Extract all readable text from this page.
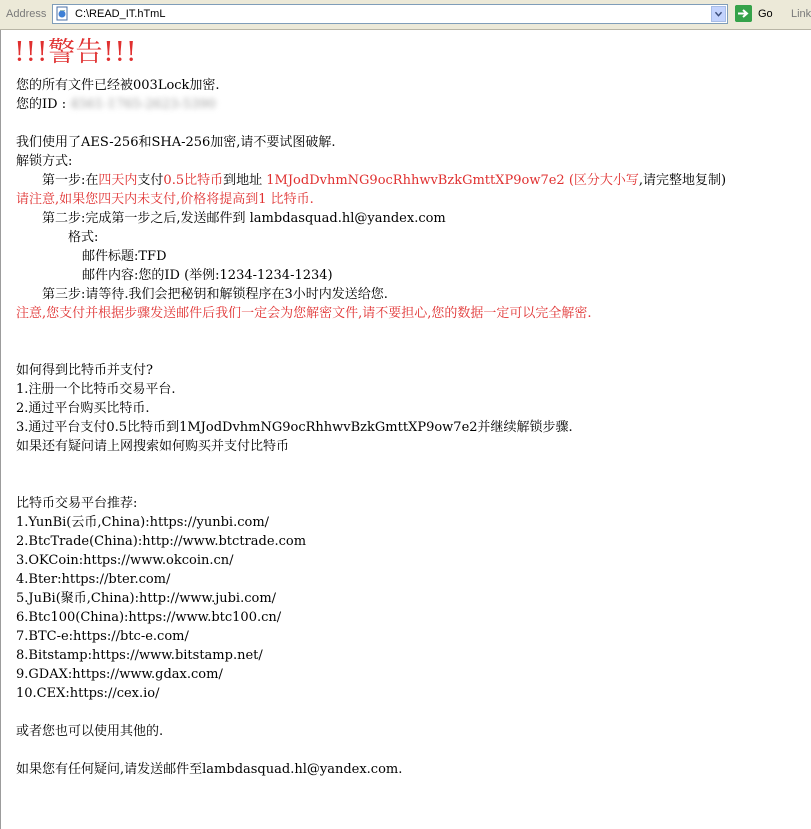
Address	C:\READ_IT.hTmL	Go Link
!!!警告!!!
您的所有文件已经被003Lock加密.
您的ID : 4561-1765-2623-5390
我们使用了AES-256和SHA-256加密,请不要试图破解.
解锁方式:
第一步:在四天内支付0.5比特币到地址 1MJodDvhmNG9ocRhhwvBzkGmttXP9ow7e2 (区分大小写,请完整地复制)
请注意,如果您四天内未支付,价格将提高到1 比特币.
第二步:完成第一步之后,发送邮件到 lambdasquad.hl@yandex.com
格式:
邮件标题:TFD
邮件内容:您的ID (举例:1234-1234-1234)
第三步:请等待.我们会把秘钥和解锁程序在3小时内发送给您.
注意,您支付并根据步骤发送邮件后我们一定会为您解密文件,请不要担心,您的数据一定可以完全解密.
如何得到比特币并支付?
1.注册一个比特币交易平台.
2.通过平台购买比特币.
3.通过平台支付0.5比特币到1MJodDvhmNG9ocRhhwvBzkGmttXP9ow7e2并继续解锁步骤.
如果还有疑问请上网搜索如何购买并支付比特币
比特币交易平台推荐:
1.YunBi(云币,China):https://yunbi.com/
2.BtcTrade(China):http://www.btctrade.com
3.OKCoin:https://www.okcoin.cn/
4.Bter:https://bter.com/
5.JuBi(聚币,China):http://www.jubi.com/
6.Btc100(China):https://www.btc100.cn/
7.BTC-e:https://btc-e.com/
8.Bitstamp:https://www.bitstamp.net/
9.GDAX:https://www.gdax.com/
10.CEX:https://cex.io/
或者您也可以使用其他的.
如果您有任何疑问,请发送邮件至lambdasquad.hl@yandex.com.
